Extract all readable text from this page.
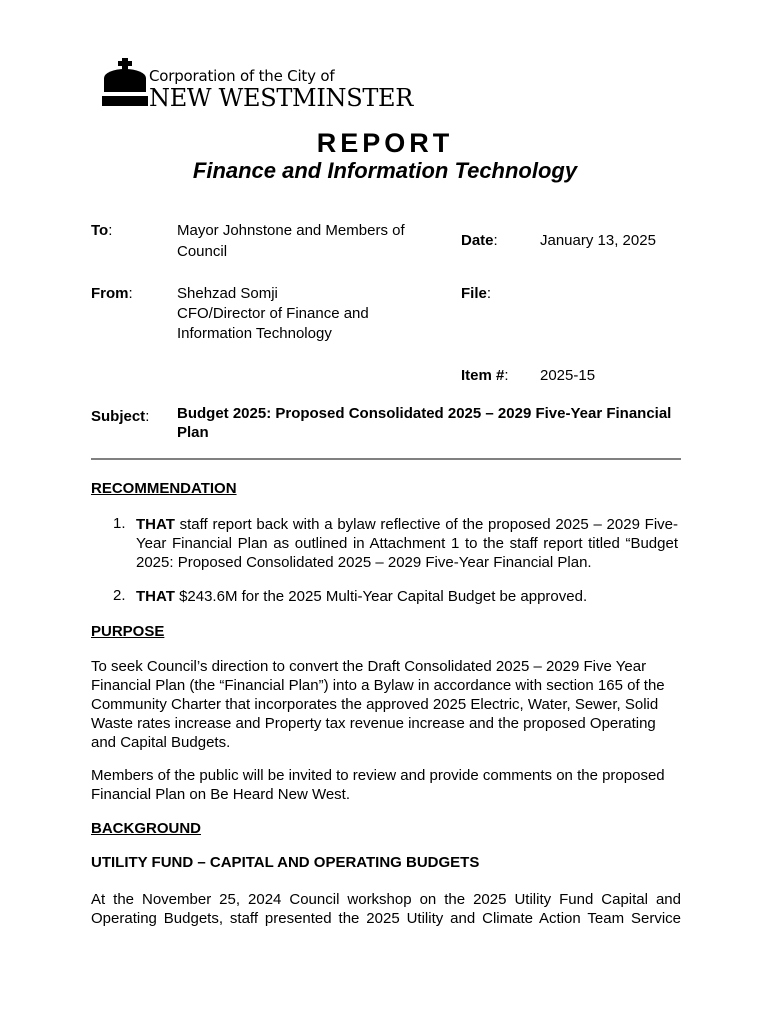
Corporation of the City of
NEW WESTMINSTER
REPORT
Finance and Information Technology
To:	Mayor Johnstone and Members of
Council
Date:	January 13, 2025
From:	Shehzad Somji
CFO/Director of Finance and
Information Technology
File:
Item #: 2025-15
Subject: Budget 2025: Proposed Consolidated 2025 – 2029 Five-Year Financial
Plan
RECOMMENDATION
1. THAT staff report back with a bylaw reflective of the proposed 2025 – 2029 Five-
Year Financial Plan as outlined in Attachment 1 to the staff report titled “Budget
2025: Proposed Consolidated 2025 – 2029 Five-Year Financial Plan.
2. THAT $243.6M for the 2025 Multi-Year Capital Budget be approved.
PURPOSE
To seek Council’s direction to convert the Draft Consolidated 2025 – 2029 Five Year
Financial Plan (the “Financial Plan”) into a Bylaw in accordance with section 165 of the
Community Charter that incorporates the approved 2025 Electric, Water, Sewer, Solid
Waste rates increase and Property tax revenue increase and the proposed Operating
and Capital Budgets.
Members of the public will be invited to review and provide comments on the proposed
Financial Plan on Be Heard New West.
BACKGROUND
UTILITY FUND – CAPITAL AND OPERATING BUDGETS
At the November 25, 2024 Council workshop on the 2025 Utility Fund Capital and
Operating Budgets, staff presented the 2025 Utility and Climate Action Team Service
